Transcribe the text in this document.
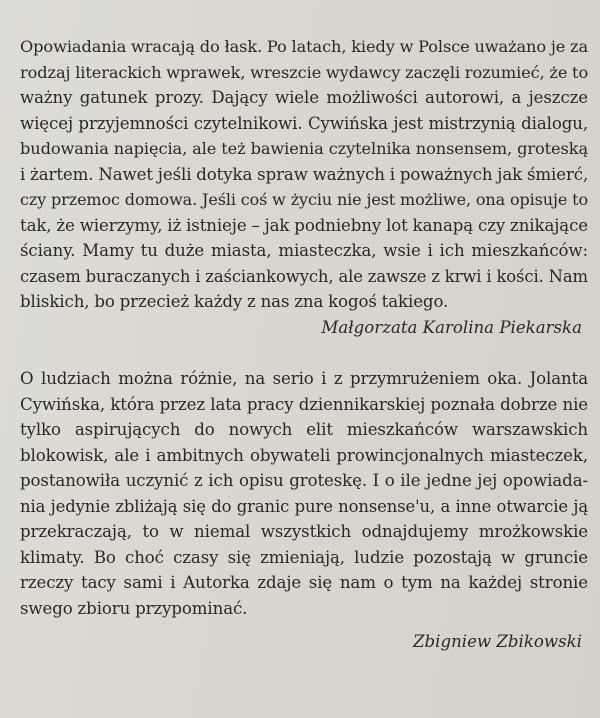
Opowiadania wracają do łask. Po latach, kiedy w Polsce uważano je za
rodzaj literackich wprawek, wreszcie wydawcy zaczęli rozumieć, że to
ważny gatunek prozy. Dający wiele możliwości autorowi, a jeszcze
więcej przyjemności czytelnikowi. Cywińska jest mistrzynią dialogu,
budowania napięcia, ale też bawienia czytelnika nonsensem, groteską
i żartem. Nawet jeśli dotyka spraw ważnych i poważnych jak śmierć,
czy przemoc domowa. Jeśli coś w życiu nie jest możliwe, ona opisuje to
tak, że wierzymy, iż istnieje – jak podniebny lot kanapą czy znikające
ściany. Mamy tu duże miasta, miasteczka, wsie i ich mieszkańców:
czasem buraczanych i zaściankowych, ale zawsze z krwi i kości. Nam
bliskich, bo przecież każdy z nas zna kogoś takiego.
Małgorzata Karolina Piekarska
O ludziach można różnie, na serio i z przymrużeniem oka. Jolanta
Cywińska, która przez lata pracy dziennikarskiej poznała dobrze nie
tylko aspirujących do nowych elit mieszkańców warszawskich
blokowisk, ale i ambitnych obywateli prowincjonalnych miasteczek,
postanowiła uczynić z ich opisu groteskę. I o ile jedne jej opowiada-
nia jedynie zbliżają się do granic pure nonsense'u, a inne otwarcie ją
przekraczają, to w niemal wszystkich odnajdujemy mrożkowskie
klimaty. Bo choć czasy się zmieniają, ludzie pozostają w gruncie
rzeczy tacy sami i Autorka zdaje się nam o tym na każdej stronie
swego zbioru przypominać.
Zbigniew Zbikowski
